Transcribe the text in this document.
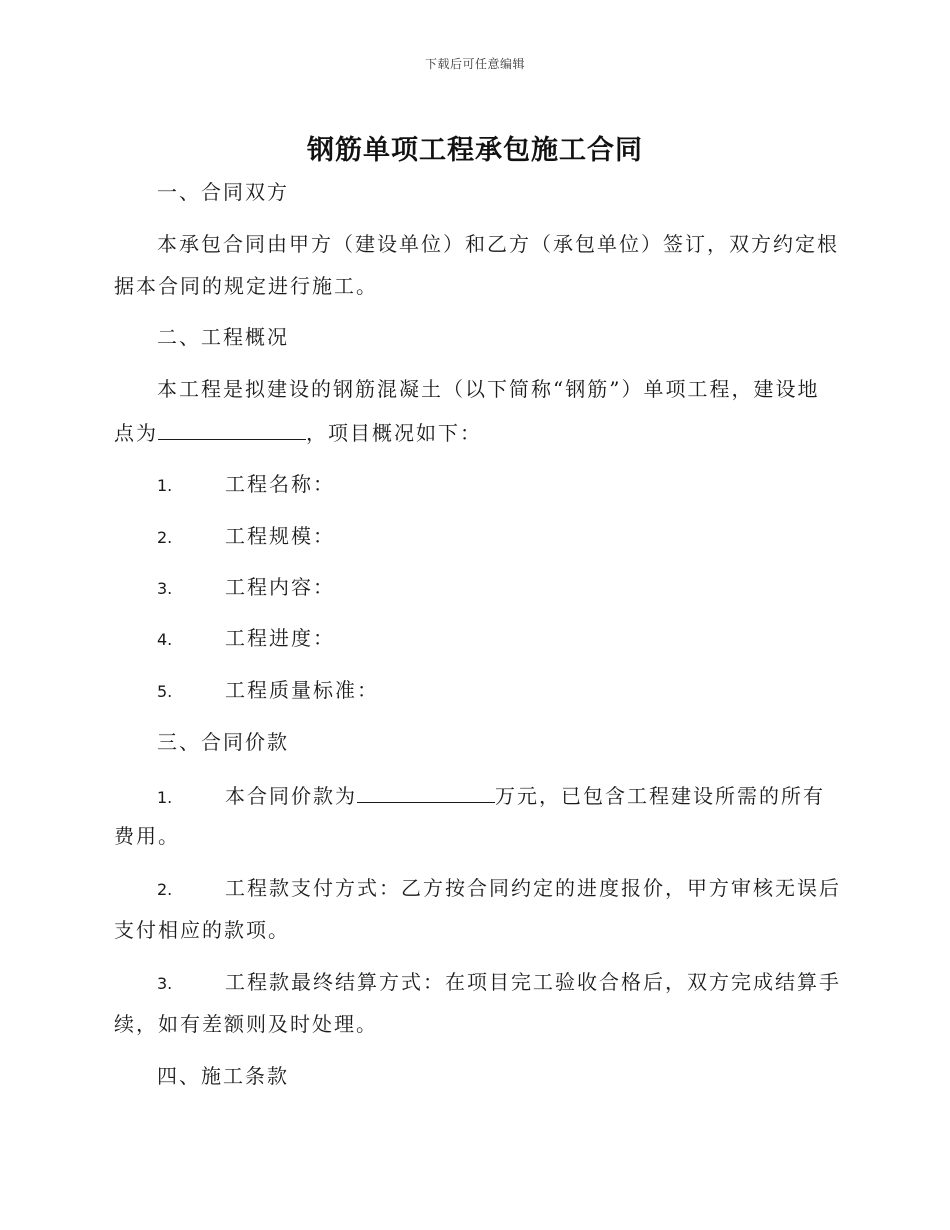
下载后可任意编辑
钢筋单项工程承包施工合同
一、合同双方
本承包合同由甲方（建设单位）和乙方（承包单位）签订，双方约定根
据本合同的规定进行施工。
二、工程概况
本工程是拟建设的钢筋混凝土（以下简称“钢筋”）单项工程，建设地
点为	，项目概况如下：
1.	工程名称：
2.	工程规模：
3.	工程内容：
4.	工程进度：
5.	工程质量标准：
三、合同价款
1.	本合同价款为	万元，已包含工程建设所需的所有
费用。
2.	工程款支付方式：乙方按合同约定的进度报价，甲方审核无误后
支付相应的款项。
3.	工程款最终结算方式：在项目完工验收合格后，双方完成结算手
续，如有差额则及时处理。
四、施工条款
